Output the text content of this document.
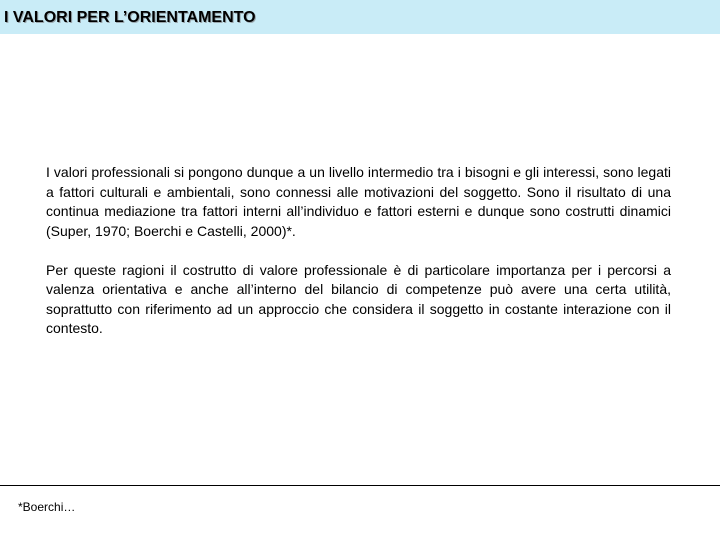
I VALORI PER L’ORIENTAMENTO

I valori professionali si pongono dunque a un livello intermedio tra i bisogni e gli interessi, sono legati a fattori culturali e ambientali, sono connessi alle motivazioni del soggetto. Sono il risultato di una continua mediazione tra fattori interni all’individuo e fattori esterni e dunque sono costrutti dinamici (Super, 1970; Boerchi e Castelli, 2000)*.

Per queste ragioni il costrutto di valore professionale è di particolare importanza per i percorsi a valenza orientativa e anche all’interno del bilancio di competenze può avere una certa utilità, soprattutto con riferimento ad un approccio che considera il soggetto in costante interazione con il contesto.

*Boerchi…
